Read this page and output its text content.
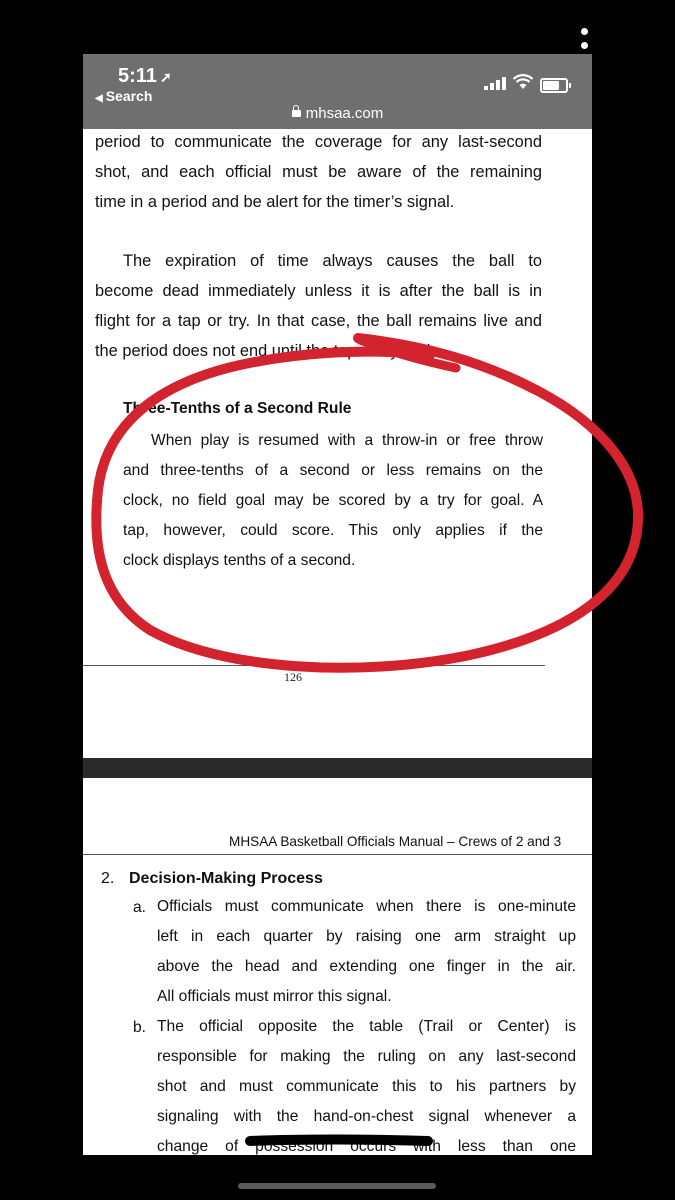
5:11 ➚
◀ Search
mhsaa.com
period to communicate the coverage for any last-second
shot, and each official must be aware of the remaining
time in a period and be alert for the timer’s signal.
The expiration of time always causes the ball to
become dead immediately unless it is after the ball is in
flight for a tap or try. In that case, the ball remains live and
the period does not end until the tap or try ends.
Three-Tenths of a Second Rule
When play is resumed with a throw-in or free throw
and three-tenths of a second or less remains on the
clock, no field goal may be scored by a try for goal. A
tap, however, could score. This only applies if the
clock displays tenths of a second.
126
MHSAA Basketball Officials Manual – Crews of 2 and 3
2. Decision-Making Process
a. Officials must communicate when there is one-minute
left in each quarter by raising one arm straight up
above the head and extending one finger in the air.
All officials must mirror this signal.
b. The official opposite the table (Trail or Center) is
responsible for making the ruling on any last-second
shot and must communicate this to his partners by
signaling with the hand-on-chest signal whenever a
change of possession occurs with less than one
